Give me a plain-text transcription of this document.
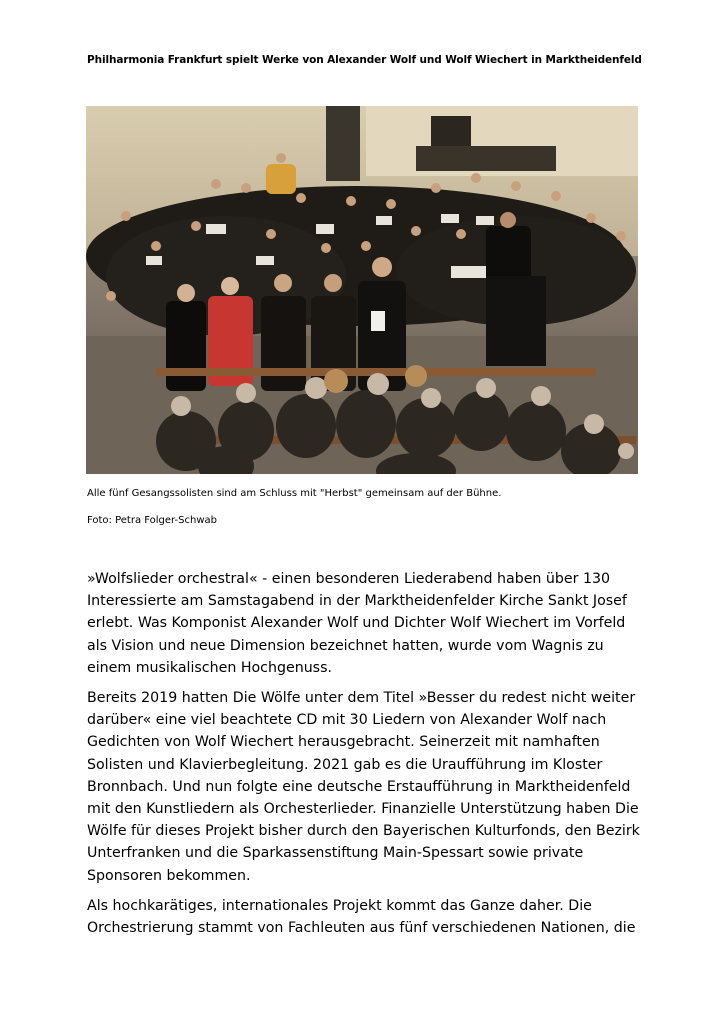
Philharmonia Frankfurt spielt Werke von Alexander Wolf und Wolf Wiechert in Marktheidenfeld
Alle fünf Gesangssolisten sind am Schluss mit "Herbst" gemeinsam auf der Bühne.
Foto: Petra Folger-Schwab

»Wolfslieder orchestral« - einen besonderen Liederabend haben über 130 Interessierte am Samstagabend in der Marktheidenfelder Kirche Sankt Josef erlebt. Was Komponist Alexander Wolf und Dichter Wolf Wiechert im Vorfeld als Vision und neue Dimension bezeichnet hatten, wurde vom Wagnis zu einem musikalischen Hochgenuss.

Bereits 2019 hatten Die Wölfe unter dem Titel »Besser du redest nicht weiter darüber« eine viel beachtete CD mit 30 Liedern von Alexander Wolf nach Gedichten von Wolf Wiechert herausgebracht. Seinerzeit mit namhaften Solisten und Klavierbegleitung. 2021 gab es die Uraufführung im Kloster Bronnbach. Und nun folgte eine deutsche Erstaufführung in Marktheidenfeld mit den Kunstliedern als Orchesterlieder. Finanzielle Unterstützung haben Die Wölfe für dieses Projekt bisher durch den Bayerischen Kulturfonds, den Bezirk Unterfranken und die Sparkassenstiftung Main-Spessart sowie private Sponsoren bekommen.

Als hochkarätiges, internationales Projekt kommt das Ganze daher. Die Orchestrierung stammt von Fachleuten aus fünf verschiedenen Nationen, die
